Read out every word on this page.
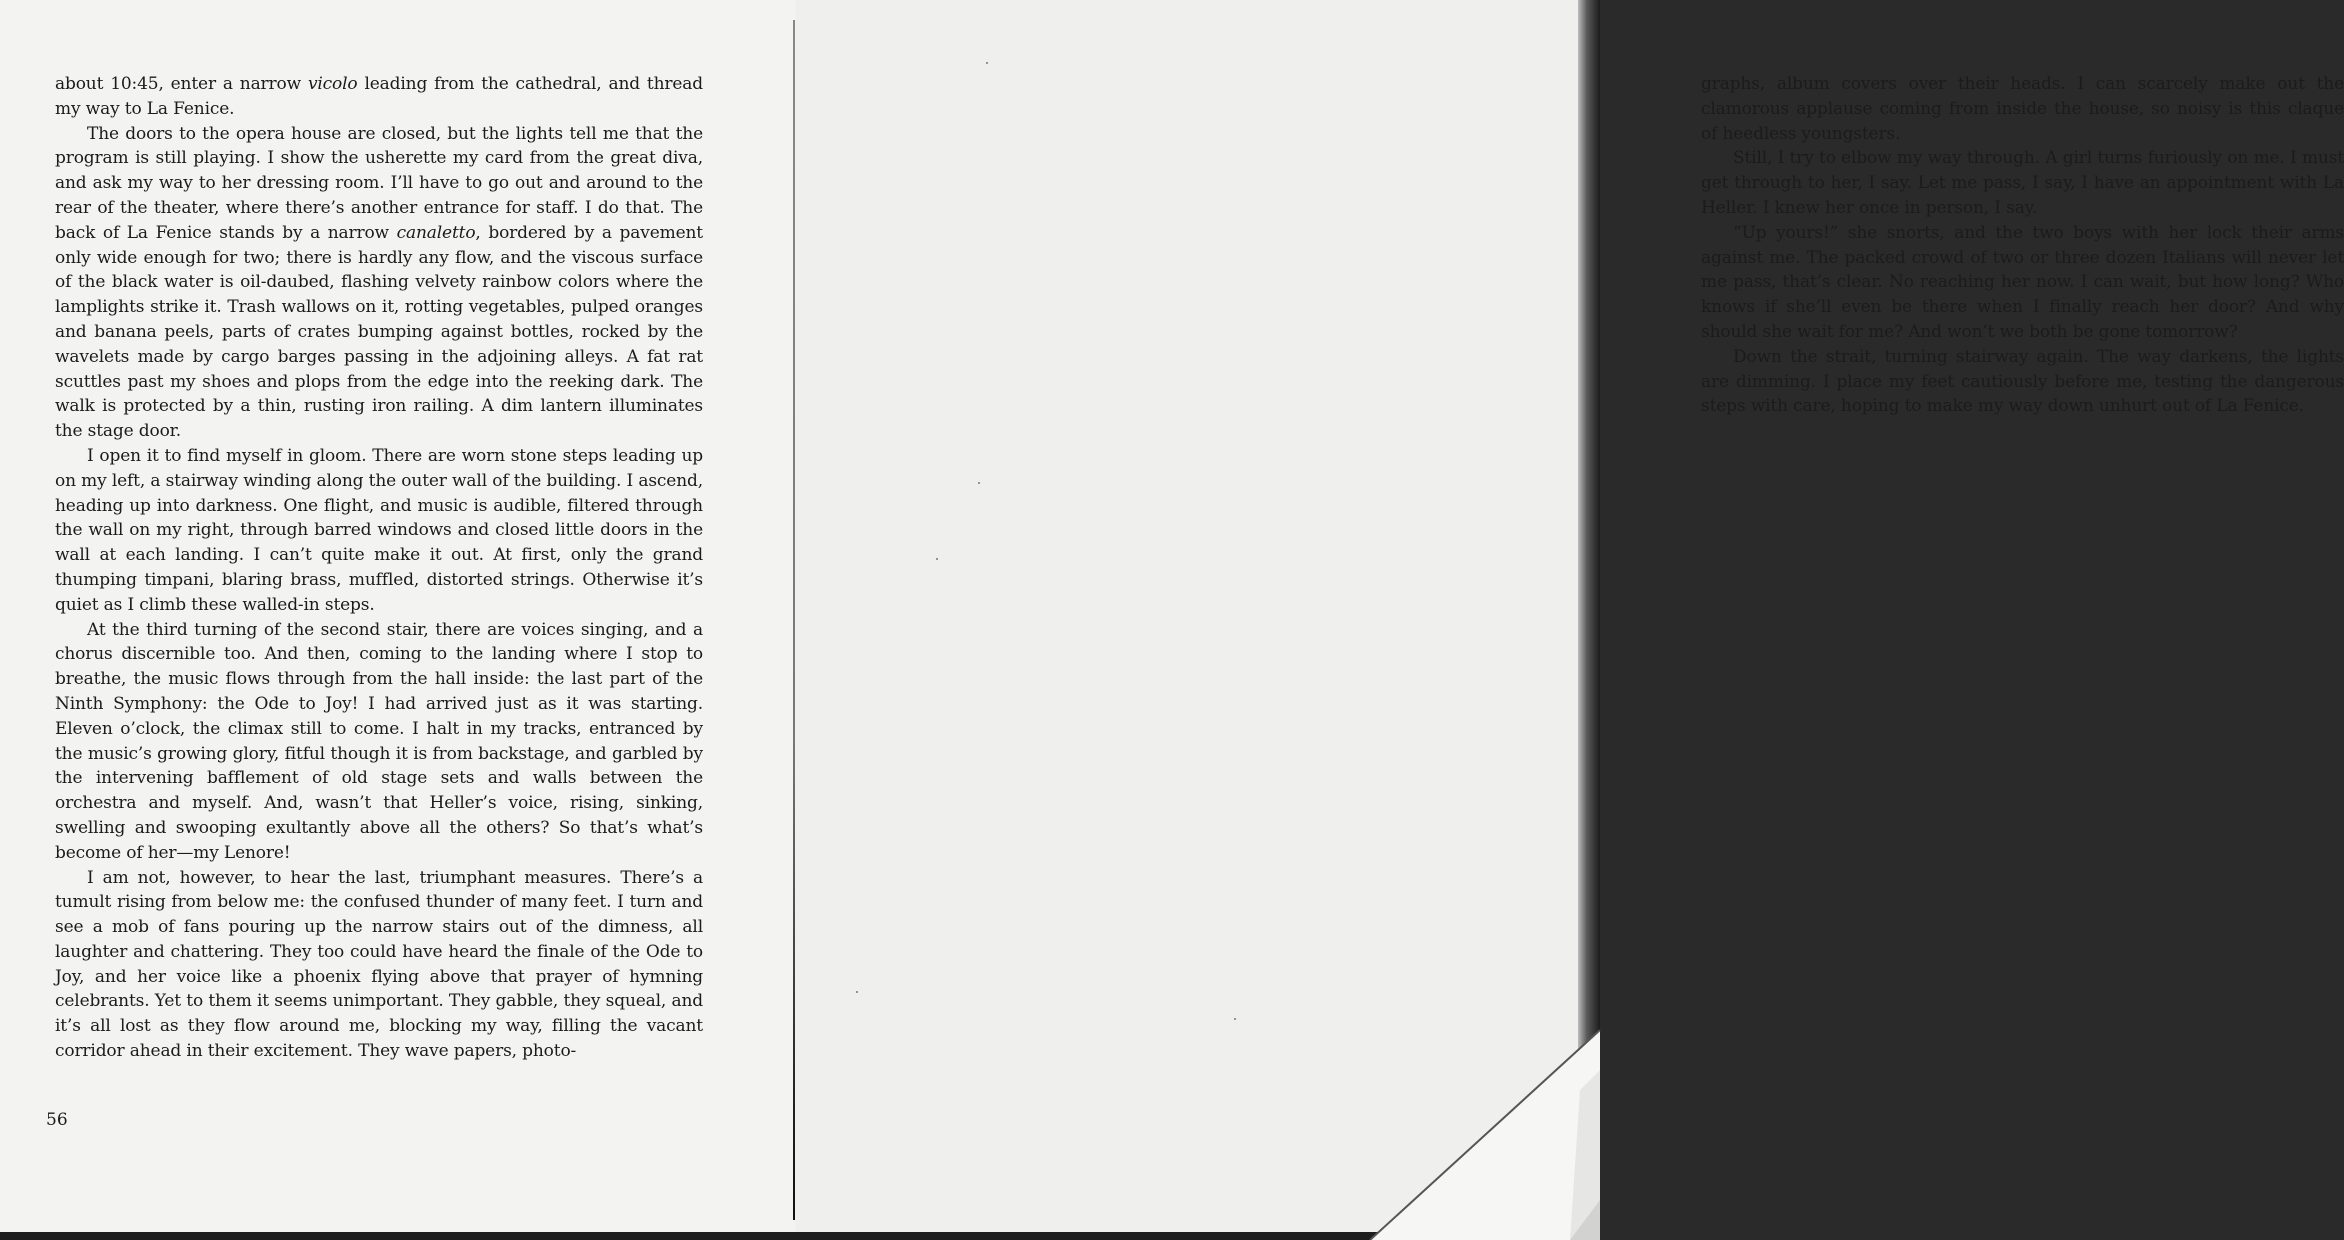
about 10:45, enter a narrow vicolo leading from the cathedral, and thread my way to La Fenice.

The doors to the opera house are closed, but the lights tell me that the program is still playing. I show the usherette my card from the great diva, and ask my way to her dressing room. I’ll have to go out and around to the rear of the theater, where there’s another entrance for staff. I do that. The back of La Fenice stands by a narrow canaletto, bordered by a pavement only wide enough for two; there is hardly any flow, and the viscous surface of the black water is oil-daubed, flashing velvety rainbow colors where the lamplights strike it. Trash wallows on it, rotting vegetables, pulped oranges and banana peels, parts of crates bumping against bottles, rocked by the wavelets made by cargo barges passing in the adjoining alleys. A fat rat scuttles past my shoes and plops from the edge into the reeking dark. The walk is protected by a thin, rusting iron railing. A dim lantern illuminates the stage door.

I open it to find myself in gloom. There are worn stone steps leading up on my left, a stairway winding along the outer wall of the building. I ascend, heading up into darkness. One flight, and music is audible, filtered through the wall on my right, through barred windows and closed little doors in the wall at each landing. I can’t quite make it out. At first, only the grand thumping timpani, blaring brass, muffled, distorted strings. Otherwise it’s quiet as I climb these walled-in steps.

At the third turning of the second stair, there are voices singing, and a chorus discernible too. And then, coming to the landing where I stop to breathe, the music flows through from the hall inside: the last part of the Ninth Symphony: the Ode to Joy! I had arrived just as it was starting. Eleven o’clock, the climax still to come. I halt in my tracks, entranced by the music’s growing glory, fitful though it is from backstage, and garbled by the intervening bafflement of old stage sets and walls between the orchestra and myself. And, wasn’t that Heller’s voice, rising, sinking, swelling and swooping exultantly above all the others? So that’s what’s become of her—my Lenore!

I am not, however, to hear the last, triumphant measures. There’s a tumult rising from below me: the confused thunder of many feet. I turn and see a mob of fans pouring up the narrow stairs out of the dimness, all laughter and chattering. They too could have heard the finale of the Ode to Joy, and her voice like a phoenix flying above that prayer of hymning celebrants. Yet to them it seems unimportant. They gabble, they squeal, and it’s all lost as they flow around me, blocking my way, filling the vacant corridor ahead in their excitement. They wave papers, photo-

56

graphs, album covers over their heads. I can scarcely make out the clamorous applause coming from inside the house, so noisy is this claque of heedless youngsters.

Still, I try to elbow my way through. A girl turns furiously on me. I must get through to her, I say. Let me pass, I say, I have an appointment with La Heller. I knew her once in person, I say.

“Up yours!” she snorts, and the two boys with her lock their arms against me. The packed crowd of two or three dozen Italians will never let me pass, that’s clear. No reaching her now. I can wait, but how long? Who knows if she’ll even be there when I finally reach her door? And why should she wait for me? And won’t we both be gone tomorrow?

Down the strait, turning stairway again. The way darkens, the lights are dimming. I place my feet cautiously before me, testing the dangerous steps with care, hoping to make my way down unhurt out of La Fenice.
